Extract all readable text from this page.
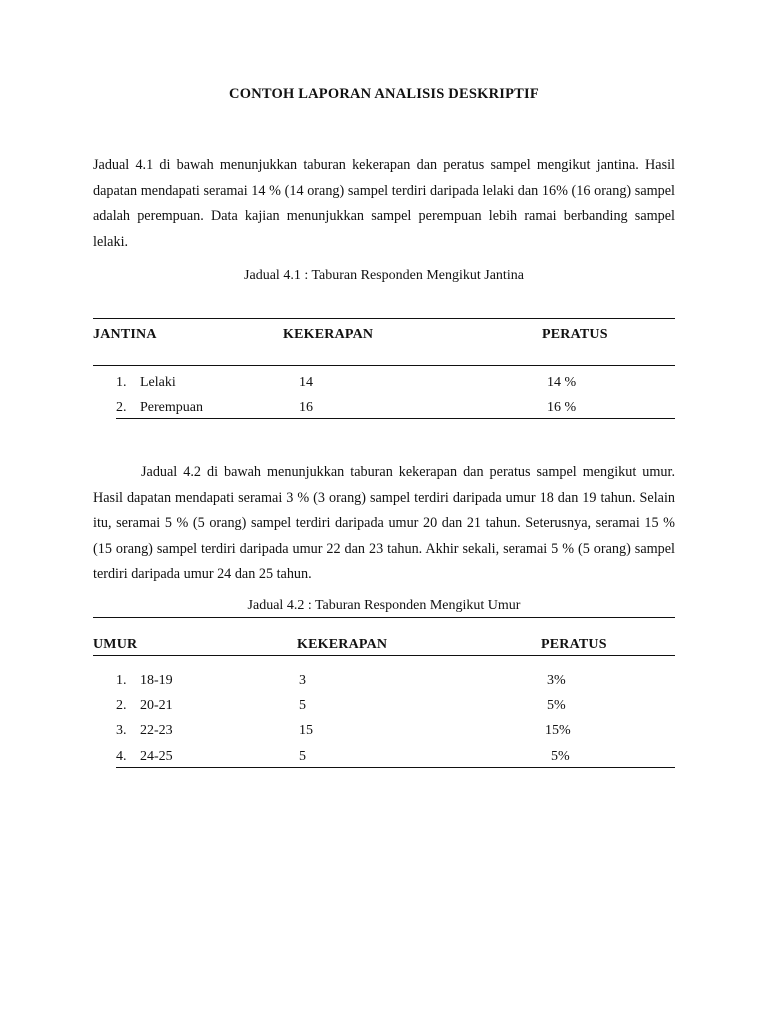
CONTOH LAPORAN ANALISIS DESKRIPTIF

Jadual 4.1 di bawah menunjukkan taburan kekerapan dan peratus sampel mengikut jantina. Hasil dapatan mendapati seramai 14 % (14 orang) sampel terdiri daripada lelaki dan 16% (16 orang) sampel adalah perempuan. Data kajian menunjukkan sampel perempuan lebih ramai berbanding sampel lelaki.

Jadual 4.1 : Taburan Responden Mengikut Jantina
JANTINA	KEKERAPAN	PERATUS
1. Lelaki	14	14 %
2. Perempuan	16	16 %

Jadual 4.2 di bawah menunjukkan taburan kekerapan dan peratus sampel mengikut umur. Hasil dapatan mendapati seramai 3 % (3 orang) sampel terdiri daripada umur 18 dan 19 tahun. Selain itu, seramai 5 % (5 orang) sampel terdiri daripada umur 20 dan 21 tahun. Seterusnya, seramai 15 % (15 orang) sampel terdiri daripada umur 22 dan 23 tahun. Akhir sekali, seramai 5 % (5 orang) sampel terdiri daripada umur 24 dan 25 tahun.

Jadual 4.2 : Taburan Responden Mengikut Umur
UMUR	KEKERAPAN	PERATUS
1. 18-19	3	3%
2. 20-21	5	5%
3. 22-23	15	15%
4. 24-25	5	5%
